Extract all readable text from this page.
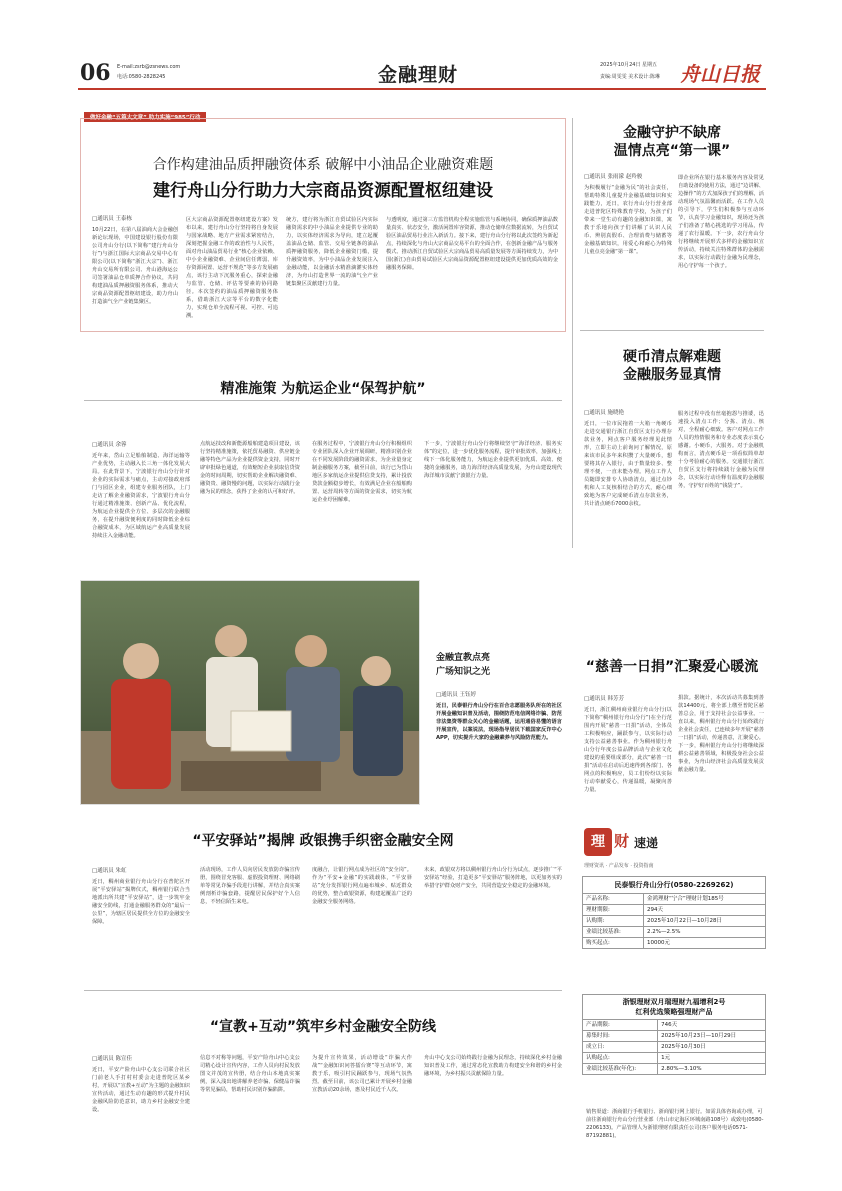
06 E-mail:zsrb@zsnews.com
电话:0580-2828245	金融理财	2025年10月24日 星期五
责编:周雯雯 美术设计:陈琳 舟山日报
做好金融“五篇大文章” 助力实施“985”行动
合作构建油品质押融资体系 破解中小油品企业融资难题
建行舟山分行助力大宗商品资源配置枢纽建设
□通讯员 王泰栋
10月22日，在第八届油商大会金融创新论坛现场，中国建设银行股份有限公司舟山分行(以下简称“建行舟山分行”)与浙江国际大宗商品交易中心有限公司(以下简称“浙江大宗”)、浙江舟山交易所有限公司、舟山港海运公司签署油品仓单质押合作协议，共同构建油品质押融资服务体系，推动大宗商品资源配置枢纽建设，助力舟山打造油气全产业链集聚区。
区大宗商品资源配置枢纽建设方案》发布以来，建行舟山分行坚持将自身发展与国家战略、地方产业需求紧密结合，深刻把握金融工作的政治性与人民性，面对舟山油品贸易行业“核心企业依赖、中小企业融资难、企业间信任薄弱、库存资源闲置、运营不规范”等多方发展痛点，该行主动下沉服务重心，探索金融与监管、仓储、评估等要素的协同路径。本次签约的油品质押融资服务体系，借助浙江大宗等平台的数字化能力，实现仓单全流程可视、可控、可追溯。
统方，建行将为浙江自贸试验区内实际融资需求的中小油品企业提供专业的助力，以实体经济需求为导向，建立起覆盖油品仓储、监管、交易全链条的油品质押融资服务，降低企业融资门槛，提升融资效率，为中小油品企业发展注入金融动能，以金融活水精准滴灌实体经济，为舟山打造世界一流的油气全产业链集聚区贡献建行力量。
与透明度，通过第三方监管机构全程实施监管与系统协同，确保质押油品数量真实、状态安全，激活闲置库容资源，推动仓储单位数据流转，为自贸试验区油品贸易行业注入新活力。接下来，建行舟山分行将以此次签约为新起点，持续深化与舟山大宗商品交易平台的全面合作，在创新金融产品与服务模式、推动浙江自贸试验区大宗商品贸易高质量发展等方面持续发力，为中国(浙江)自由贸易试验区大宗商品资源配置枢纽建设提供更加优质高效的金融服务保障。
精准施策 为航运企业“保驾护航”
□通讯员 余蓉
近年来，岱山立足船舶制造、海洋运输等产业优势，主动融入长三角一体化发展大局。在此背景下，宁波银行舟山分行针对企业的实际需求与痛点，主动对接政府部门与园区企业，组建专业服务团队，上门走访了解企业融资需求，宁波银行舟山分行通过精准施策、创新产品、优化流程，为航运企业提供全方位、多层次的金融服务，在提升融资便利度的同时降低企业综合融资成本，为区域航运产业高质量发展持续注入金融动能。
点航运技改和新能源船舶建造项目建设，该行坚持精准施策，依托贸易融资、供应链金融等特色产品为企业提供资金支持，同时开辟审批绿色通道，有效缩短企业获取信贷资金的时间周期，切实帮助企业解决融资难、融资贵、融资慢的问题，以实际行动践行金融为民的理念，获得了企业的认可和好评。
在服务过程中，宁波银行舟山分行积极组织专业团队深入企业开展调研，精准识别企业在不同发展阶段的融资需求，为企业量身定制金融服务方案，截至目前，该行已为岱山地区多家航运企业提供信贷支持，累计投放贷款金额稳步增长，有效满足企业在船舶购置、运营周转等方面的资金需求，切实为航运企业纾困解难。
下一步，宁波银行舟山分行将继续坚守“海洋经济、服务实体”的定位，进一步优化服务流程，提升审批效率，加强线上线下一体化服务能力，为航运企业提供更加优质、高效、便捷的金融服务，助力海洋经济高质量发展，为舟山建设现代海洋城市贡献宁波银行力量。
金融守护不缺席
温情点亮“第一课”
□通讯员 张雨濛 赵羚骏
为积极履行“金融为民”的社会责任，帮助特殊儿童提升金融基础知识和实践能力，近日，农行舟山分行营业部走进普陀区特殊教育学校，为孩子们带来一堂生动有趣的金融知识课，寓教于乐地向孩子们讲解了认识人民币、辨别真假币、合理消费与储蓄等金融基础知识，用爱心和耐心为特殊儿童点亮金融“第一课”。
即企业所在银行基本服务内容及常见自助设备的使用方法，通过“边讲解、边操作”的方式加深孩子们的理解，活动现场气氛温馨而活跃。在工作人员的引导下，学生们积极参与互动环节，认真学习金融知识，现场还为孩子们准备了精心挑选的学习用品，传递了农行温暖。下一步，农行舟山分行将继续开展形式多样的金融知识宣传活动，持续关注特殊群体的金融需求，以实际行动践行金融为民理念，用心守护每一个孩子。
硬币清点解难题
金融服务显真情
□通讯员 施晓艳
近日，一位市民拖着一大箱一角硬币走进交通银行浙江自贸区支行办理存款业务，网点客户服务经理见此情形，立即主动上前询问了解情况，原来该市民多年来积攒了大量硬币，想要将其存入银行，由于数量较多、整理不便，一直未能办理。网点工作人员随即安排专人协助清点，通过点钞机和人工复核相结合的方式，耐心细致地为客户完成硬币清点存款业务，共计清点硬币7000余枚。
服务过程中没有丝毫抱怨与推诿，迅速投入清点工作；分拣、清点、核对，全程耐心细致。客户对网点工作人员的热情服务和专业态度表示衷心感谢。小硬币，大服务。对于金融机构而言，清点硬币是一项看似简单却十分考验耐心的服务。交通银行浙江自贸区支行将持续践行金融为民理念，以实际行动诠释有温度的金融服务，守护好百姓的“钱袋子”。
金融宣教点亮
广场知识之光
□通讯员 王钰婷
近日，民泰银行舟山分行在百合志愿服务队所在的社区开展金融知识普及活动，围绕防范电信网络诈骗、防范非法集资等群众关心的金融话题，运用通俗易懂的语言开展宣传，以案说法，现场指导居民下载国家反诈中心APP，切实提升大家的金融素养与风险防范能力。
“慈善一日捐”汇聚爱心暖流
□通讯员 韩芳芳
近日，浙江稠州商业银行舟山分行(以下简称“稠州银行舟山分行”)在全行范围内开展“慈善一日捐”活动，全体员工积极响应，踊跃参与，以实际行动支持公益慈善事业。作为稠州银行舟山分行年度公益品牌活动与企业文化建设的重要组成部分，此次“慈善一日捐”活动在启动后迅速得到各部门、各网点的积极响应，员工们纷纷以实际行动奉献爱心，传递温暖，凝聚向善力量。
捐款。据统计，本次活动共募集到善款14400元，将全部上缴至普陀区慈善总会，用于支持社会公益事业。一直以来，稠州银行舟山分行始终践行企业社会责任，已连续多年开展“慈善一日捐”活动，传递善意，汇聚爱心。下一步，稠州银行舟山分行将继续深耕公益慈善领域，积极投身社会公益事业，为舟山经济社会高质量发展贡献金融力量。
“平安驿站”揭牌 政银携手织密金融安全网
□通讯员 朱虹
近日，稠州商业银行舟山分行在普陀区开展“平安驿站”揭牌仪式，稠州银行联合当地派出所共建“平安驿站”，进一步筑牢金融安全防线，打通金融服务群众的“最后一公里”，为辖区居民提供全方位的金融安全保障。
活动现场，工作人员向居民发放防诈骗宣传册，围绕冒充客服、虚假投资理财、网络刷单等常见诈骗手段进行讲解，并结合真实案例剖析诈骗套路，提醒居民保护好个人信息，不轻信陌生来电。
度融合，让银行网点成为社区的“安全岗”。作为“平安+金融”的实践载体，“平安驿站”充分发挥银行网点遍布城乡、贴近群众的优势，整合政银资源，构建起覆盖广泛的金融安全服务网络。
未来，政银双方将以稠州银行舟山分行为试点，逐步推广“平安驿站”经验，打造更多“平安驿站”服务阵地，以更加务实的举措守护群众财产安全，共同营造安全稳定的金融环境。
“宣教+互动”筑牢乡村金融安全防线
□通讯员 陈宣佳
近日，平安产险舟山中心支公司联合社区门前老人手打村村委会走进普陀区某乡村，开展以“宣教+互动”为主题的金融知识宣传活动，通过生动有趣的形式提升村民金融风险防范意识，助力乡村金融安全建设。
信息不对称等问题，平安产险舟山中心支公司精心设计宣传内容，工作人员向村民发放图文并茂的宣传册，结合舟山本地真实案例，深入浅出地讲解养老诈骗、保健品诈骗等常见骗局，帮助村民识别诈骗陷阱。
为提升宣传效果，活动增设“诈骗大作战”“金融知识问答擂台赛”等互动环节，寓教于乐，吸引村民踊跃参与，现场气氛热烈。截至目前，该公司已累计开展乡村金融宣教活动20余场，惠及村民近千人次。
舟山中心支公司始终践行金融为民理念，持续深化乡村金融知识普及工作，通过常态化宣教助力构建安全和谐的乡村金融环境，为乡村振兴贡献保险力量。
理 财 速递
理财资讯 · 产品发布 · 投资指南
民泰银行舟山分行(0580-2269262)
产品名称:	金鸿理财“宁合”理财计划185号
理财期限:	294天
认购期:	2025年10月22日—10月28日
业绩比较基准:	2.2%—2.5%
购买起点:	10000元
浙银理财双月瑞理财九福增利2号
红利优选策略强理财产品
产品期限:	746天
募集时间:	2025年10月23日—10月29日
成立日:	2025年10月30日
认购起点:	1元
业绩比较基准(年化):	2.80%—3.10%
销售渠道：浙商银行手机银行、浙商银行网上银行。如需具体咨询或办理，可前往浙商银行舟山分行营业部（舟山市定海区环城南路108号）或致电(0580-2206133)。产品管理人为浙银理财有限责任公司(客户服务电话0571-87192881)。
